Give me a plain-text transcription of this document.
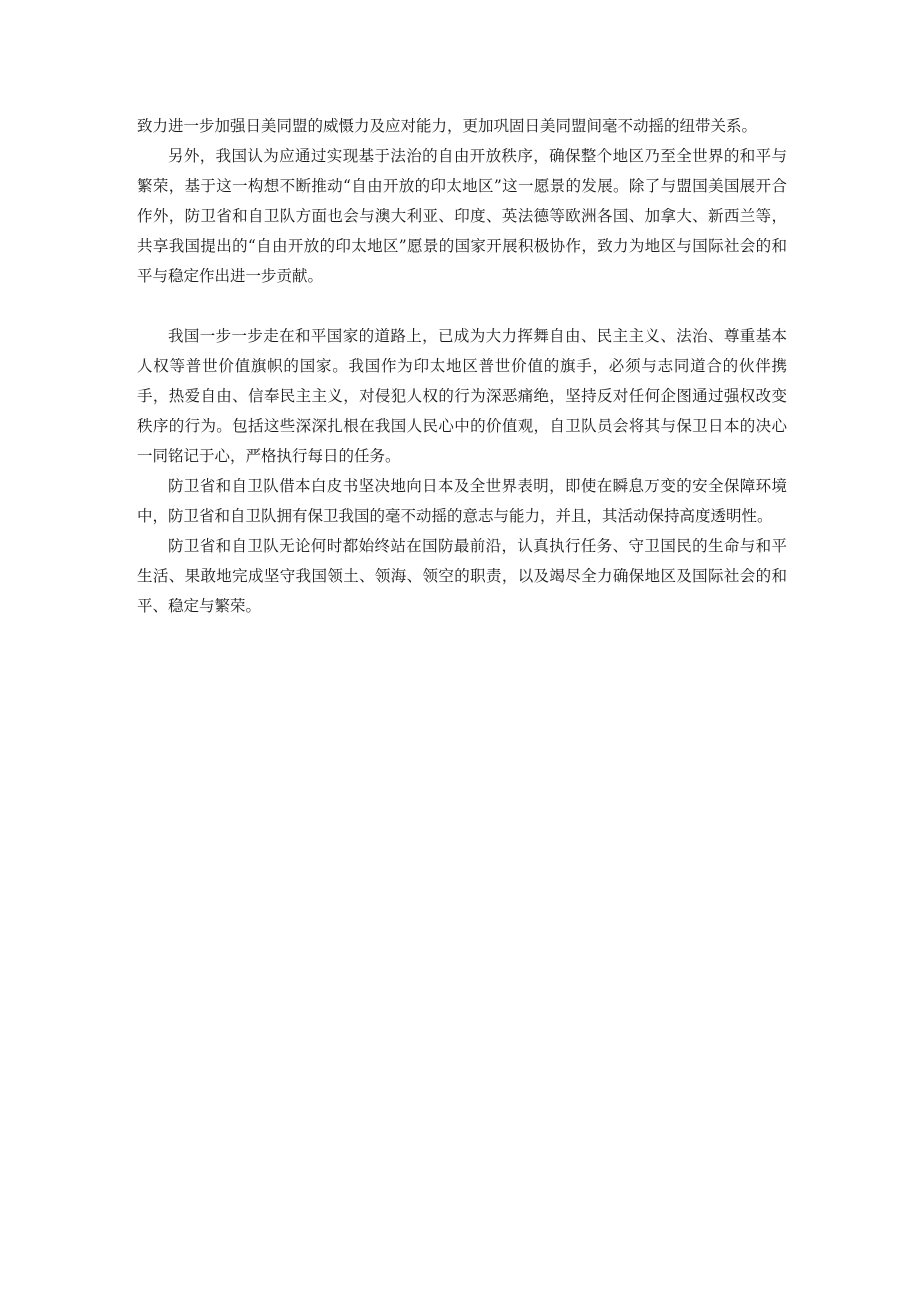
致力进一步加强日美同盟的威慑力及应对能力，更加巩固日美同盟间毫不动摇的纽带关系。

另外，我国认为应通过实现基于法治的自由开放秩序，确保整个地区乃至全世界的和平与繁荣，基于这一构想不断推动“自由开放的印太地区”这一愿景的发展。除了与盟国美国展开合作外，防卫省和自卫队方面也会与澳大利亚、印度、英法德等欧洲各国、加拿大、新西兰等，共享我国提出的“自由开放的印太地区”愿景的国家开展积极协作，致力为地区与国际社会的和平与稳定作出进一步贡献。

我国一步一步走在和平国家的道路上，已成为大力挥舞自由、民主主义、法治、尊重基本人权等普世价值旗帜的国家。我国作为印太地区普世价值的旗手，必须与志同道合的伙伴携手，热爱自由、信奉民主主义，对侵犯人权的行为深恶痛绝，坚持反对任何企图通过强权改变秩序的行为。包括这些深深扎根在我国人民心中的价值观，自卫队员会将其与保卫日本的决心一同铭记于心，严格执行每日的任务。

防卫省和自卫队借本白皮书坚决地向日本及全世界表明，即使在瞬息万变的安全保障环境中，防卫省和自卫队拥有保卫我国的毫不动摇的意志与能力，并且，其活动保持高度透明性。

防卫省和自卫队无论何时都始终站在国防最前沿，认真执行任务、守卫国民的生命与和平生活、果敢地完成坚守我国领土、领海、领空的职责，以及竭尽全力确保地区及国际社会的和平、稳定与繁荣。
